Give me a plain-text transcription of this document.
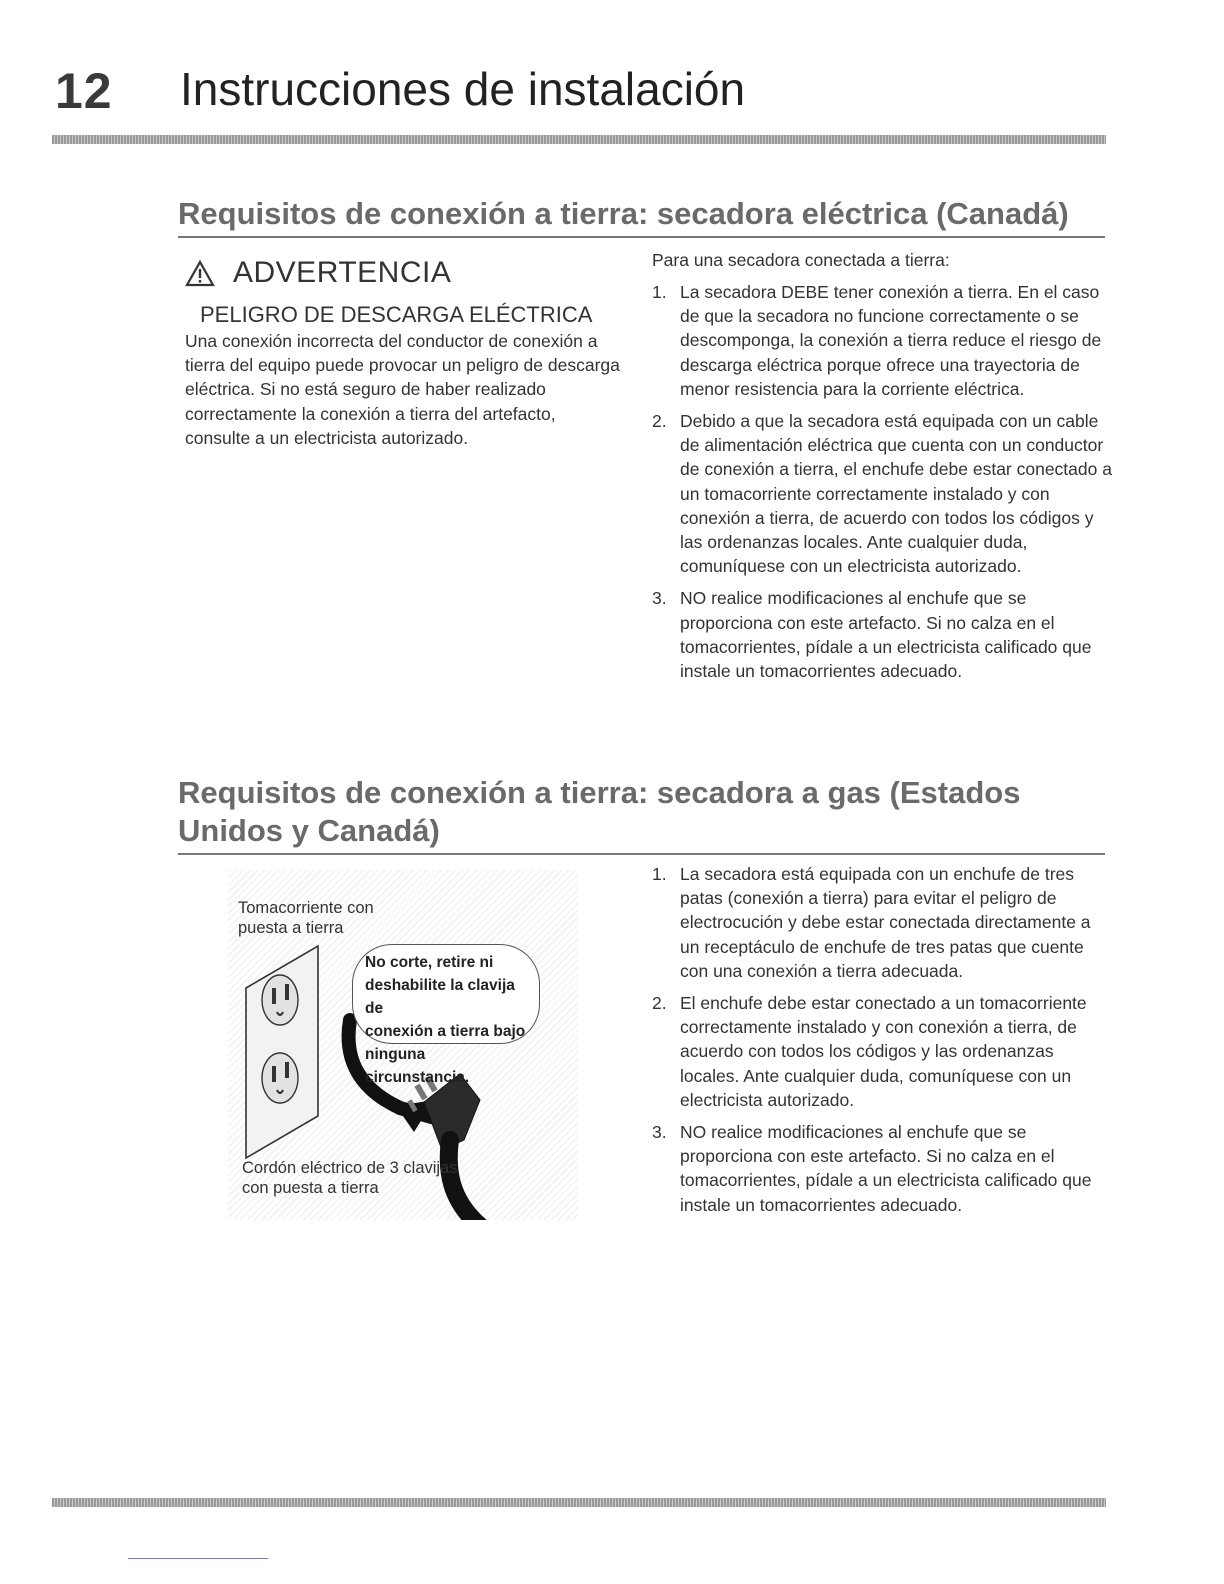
12 Instrucciones de instalación
Requisitos de conexión a tierra: secadora eléctrica (Canadá)
ADVERTENCIA
PELIGRO DE DESCARGA ELÉCTRICA
Una conexión incorrecta del conductor de conexión a tierra del equipo puede provocar un peligro de descarga eléctrica. Si no está seguro de haber realizado correctamente la conexión a tierra del artefacto, consulte a un electricista autorizado.
Para una secadora conectada a tierra:
1. La secadora DEBE tener conexión a tierra. En el caso de que la secadora no funcione correctamente o se descomponga, la conexión a tierra reduce el riesgo de descarga eléctrica porque ofrece una trayectoria de menor resistencia para la corriente eléctrica.
2. Debido a que la secadora está equipada con un cable de alimentación eléctrica que cuenta con un conductor de conexión a tierra, el enchufe debe estar conectado a un tomacorriente correctamente instalado y con conexión a tierra, de acuerdo con todos los códigos y las ordenanzas locales. Ante cualquier duda, comuníquese con un electricista autorizado.
3. NO realice modificaciones al enchufe que se proporciona con este artefacto. Si no calza en el tomacorrientes, pídale a un electricista calificado que instale un tomacorrientes adecuado.
Requisitos de conexión a tierra: secadora a gas (Estados
Unidos y Canadá)
Tomacorriente con
puesta a tierra
No corte, retire ni
deshabilite la clavija de
conexión a tierra bajo
ninguna circunstancia.
Cordón eléctrico de 3 clavijas
con puesta a tierra
1. La secadora está equipada con un enchufe de tres patas (conexión a tierra) para evitar el peligro de electrocución y debe estar conectada directamente a un receptáculo de enchufe de tres patas que cuente con una conexión a tierra adecuada.
2. El enchufe debe estar conectado a un tomacorriente correctamente instalado y con conexión a tierra, de acuerdo con todos los códigos y las ordenanzas locales. Ante cualquier duda, comuníquese con un electricista autorizado.
3. NO realice modificaciones al enchufe que se proporciona con este artefacto. Si no calza en el tomacorrientes, pídale a un electricista calificado que instale un tomacorrientes adecuado.
